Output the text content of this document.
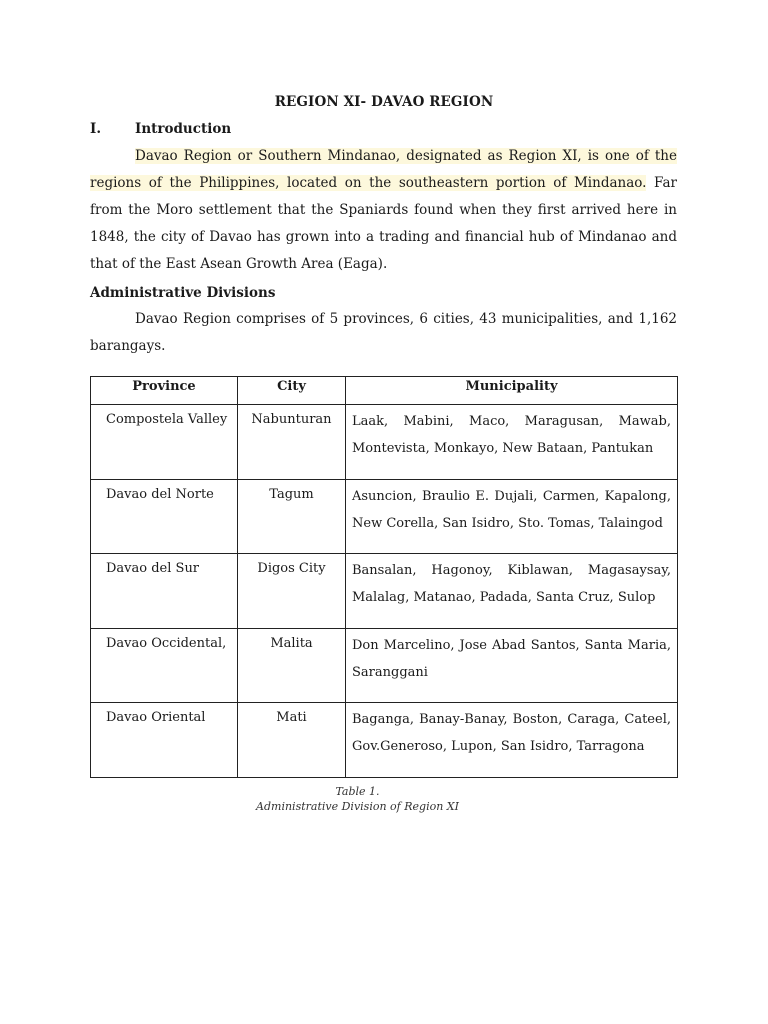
REGION XI- DAVAO REGION
I.	Introduction
Davao Region or Southern Mindanao, designated as Region XI, is one of the regions of the Philippines, located on the southeastern portion of Mindanao. Far from the Moro settlement that the Spaniards found when they first arrived here in 1848, the city of Davao has grown into a trading and financial hub of Mindanao and that of the East Asean Growth Area (Eaga).
Administrative Divisions
Davao Region comprises of 5 provinces, 6 cities, 43 municipalities, and 1,162 barangays.
Province	City	Municipality
Compostela Valley	Nabunturan	Laak, Mabini, Maco, Maragusan, Mawab, Montevista, Monkayo, New Bataan, Pantukan
Davao del Norte	Tagum	Asuncion, Braulio E. Dujali, Carmen, Kapalong, New Corella, San Isidro, Sto. Tomas, Talaingod
Davao del Sur	Digos City	Bansalan, Hagonoy, Kiblawan, Magasaysay, Malalag, Matanao, Padada, Santa Cruz, Sulop
Davao Occidental,	Malita	Don Marcelino, Jose Abad Santos, Santa Maria, Saranggani
Davao Oriental	Mati	Baganga, Banay-Banay, Boston, Caraga, Cateel, Gov.Generoso, Lupon, San Isidro, Tarragona
Table 1.
Administrative Division of Region XI
